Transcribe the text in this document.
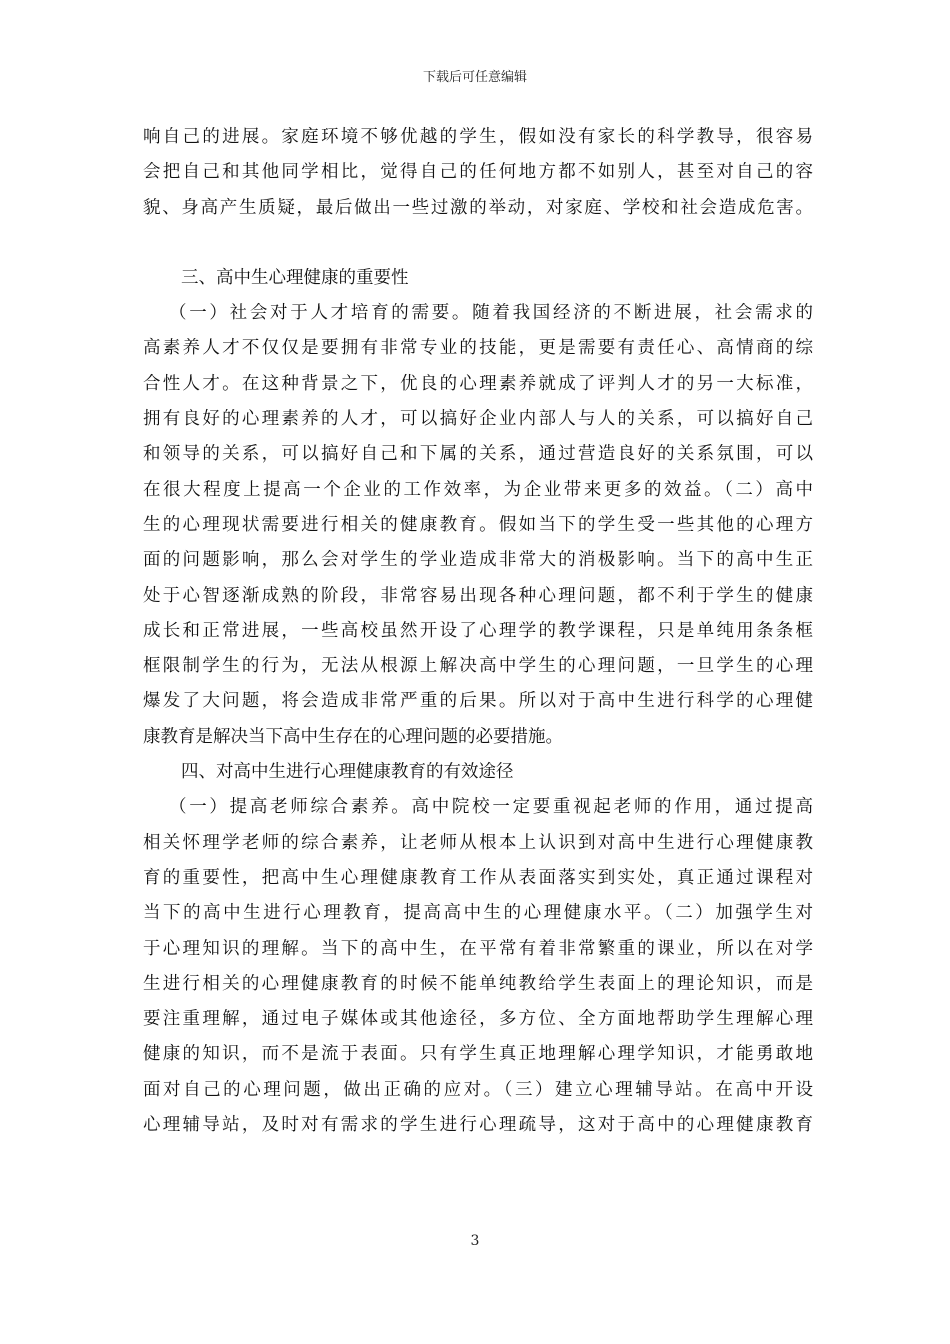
下载后可任意编辑
响自己的进展。家庭环境不够优越的学生，假如没有家长的科学教导，很容易
会把自己和其他同学相比，觉得自己的任何地方都不如别人，甚至对自己的容
貌、身高产生质疑，最后做出一些过激的举动，对家庭、学校和社会造成危害。
三、高中生心理健康的重要性
（一）社会对于人才培育的需要。随着我国经济的不断进展，社会需求的
高素养人才不仅仅是要拥有非常专业的技能，更是需要有责任心、高情商的综
合性人才。在这种背景之下，优良的心理素养就成了评判人才的另一大标准，
拥有良好的心理素养的人才，可以搞好企业内部人与人的关系，可以搞好自己
和领导的关系，可以搞好自己和下属的关系，通过营造良好的关系氛围，可以
在很大程度上提高一个企业的工作效率，为企业带来更多的效益。（二）高中
生的心理现状需要进行相关的健康教育。假如当下的学生受一些其他的心理方
面的问题影响，那么会对学生的学业造成非常大的消极影响。当下的高中生正
处于心智逐渐成熟的阶段，非常容易出现各种心理问题，都不利于学生的健康
成长和正常进展，一些高校虽然开设了心理学的教学课程，只是单纯用条条框
框限制学生的行为，无法从根源上解决高中学生的心理问题，一旦学生的心理
爆发了大问题，将会造成非常严重的后果。所以对于高中生进行科学的心理健
康教育是解决当下高中生存在的心理问题的必要措施。
四、对高中生进行心理健康教育的有效途径
（一）提高老师综合素养。高中院校一定要重视起老师的作用，通过提高
相关怀理学老师的综合素养，让老师从根本上认识到对高中生进行心理健康教
育的重要性，把高中生心理健康教育工作从表面落实到实处，真正通过课程对
当下的高中生进行心理教育，提高高中生的心理健康水平。（二）加强学生对
于心理知识的理解。当下的高中生，在平常有着非常繁重的课业，所以在对学
生进行相关的心理健康教育的时候不能单纯教给学生表面上的理论知识，而是
要注重理解，通过电子媒体或其他途径，多方位、全方面地帮助学生理解心理
健康的知识，而不是流于表面。只有学生真正地理解心理学知识，才能勇敢地
面对自己的心理问题，做出正确的应对。（三）建立心理辅导站。在高中开设
心理辅导站，及时对有需求的学生进行心理疏导，这对于高中的心理健康教育
3
